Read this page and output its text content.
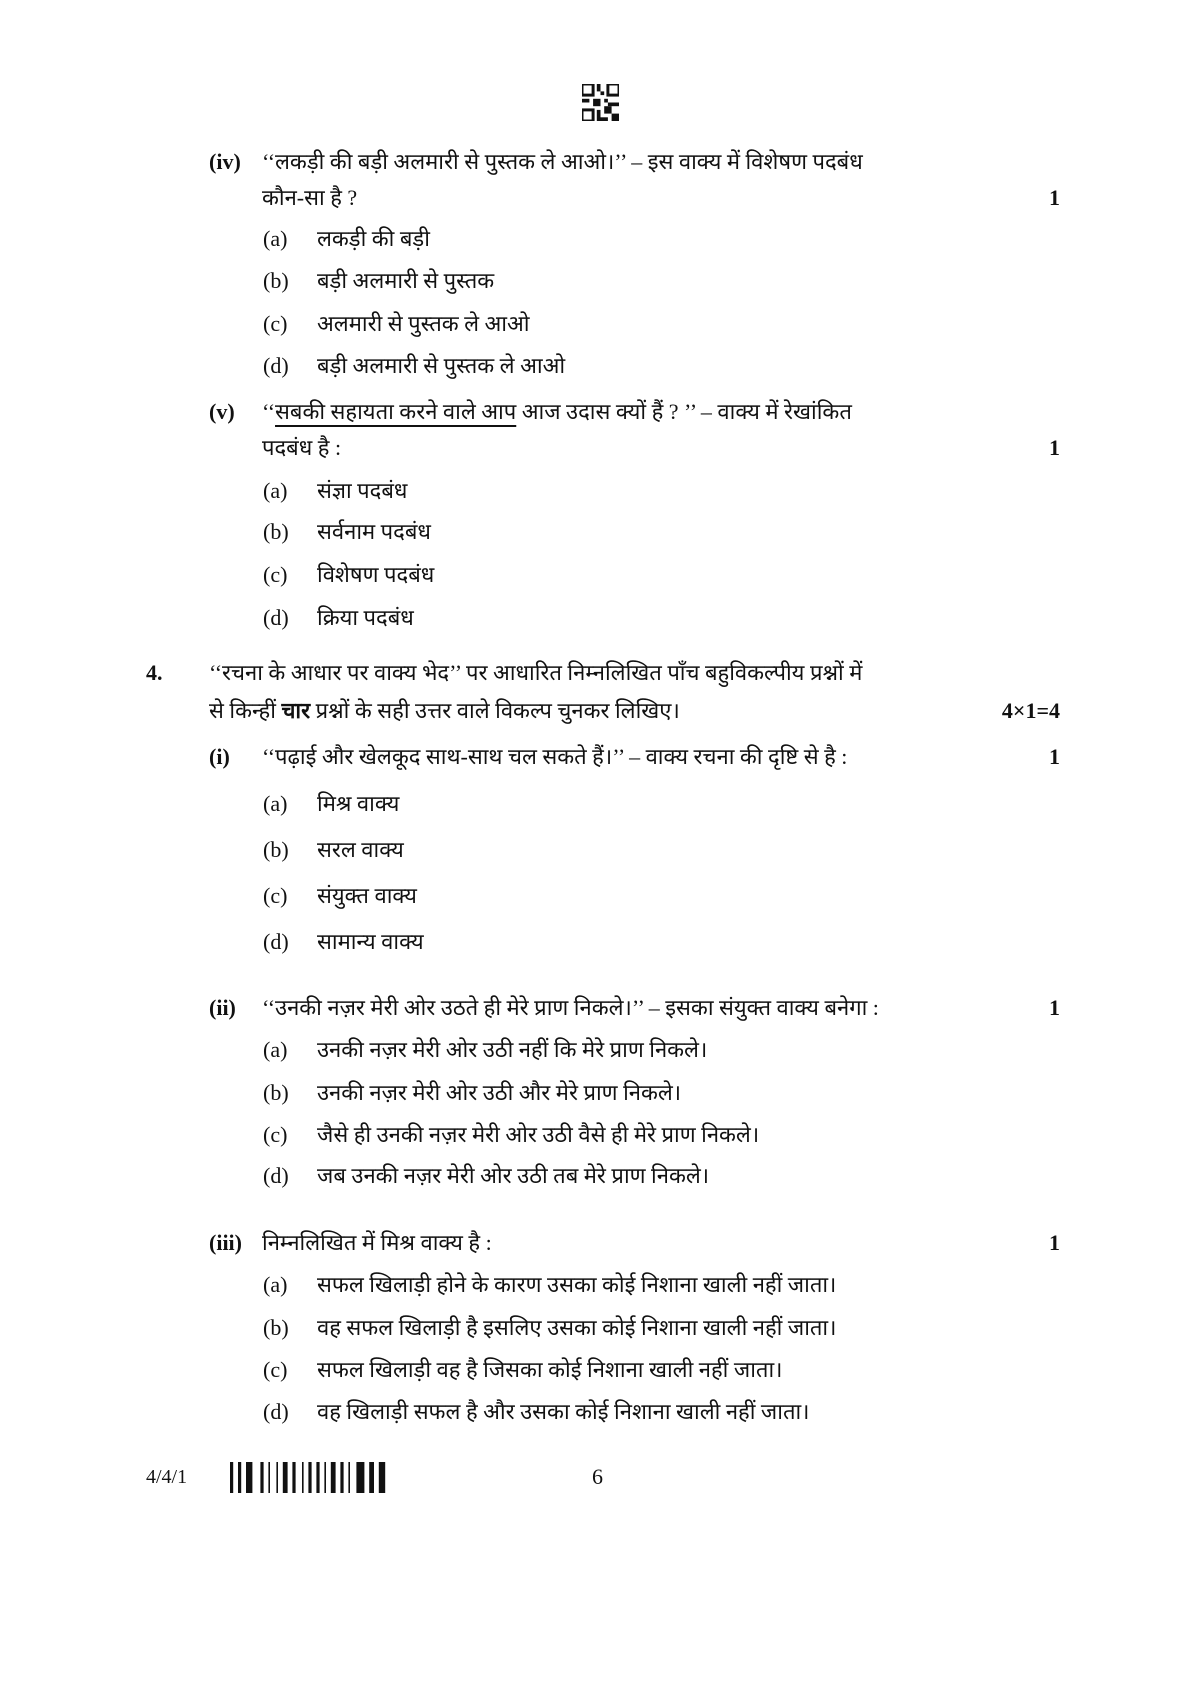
(iv) ‘‘लकड़ी की बड़ी अलमारी से पुस्तक ले आओ।’’ – इस वाक्य में विशेषण पदबंध
कौन-सा है ?	1
(a) लकड़ी की बड़ी
(b) बड़ी अलमारी से पुस्तक
(c) अलमारी से पुस्तक ले आओ
(d) बड़ी अलमारी से पुस्तक ले आओ
(v) ‘‘सबकी सहायता करने वाले आप आज उदास क्यों हैं ? ’’ – वाक्य में रेखांकित
पदबंध है :	1
(a) संज्ञा पदबंध
(b) सर्वनाम पदबंध
(c) विशेषण पदबंध
(d) क्रिया पदबंध
4. ‘‘रचना के आधार पर वाक्य भेद’’ पर आधारित निम्नलिखित पाँच बहुविकल्पीय प्रश्नों में
से किन्हीं चार प्रश्नों के सही उत्तर वाले विकल्प चुनकर लिखिए।	4×1=4
(i) ‘‘पढ़ाई और खेलकूद साथ-साथ चल सकते हैं।’’ – वाक्य रचना की दृष्टि से है :	1
(a) मिश्र वाक्य
(b) सरल वाक्य
(c) संयुक्त वाक्य
(d) सामान्य वाक्य
(ii) ‘‘उनकी नज़र मेरी ओर उठते ही मेरे प्राण निकले।’’ – इसका संयुक्त वाक्य बनेगा :	1
(a) उनकी नज़र मेरी ओर उठी नहीं कि मेरे प्राण निकले।
(b) उनकी नज़र मेरी ओर उठी और मेरे प्राण निकले।
(c) जैसे ही उनकी नज़र मेरी ओर उठी वैसे ही मेरे प्राण निकले।
(d) जब उनकी नज़र मेरी ओर उठी तब मेरे प्राण निकले।
(iii) निम्नलिखित में मिश्र वाक्य है :	1
(a) सफल खिलाड़ी होने के कारण उसका कोई निशाना खाली नहीं जाता।
(b) वह सफल खिलाड़ी है इसलिए उसका कोई निशाना खाली नहीं जाता।
(c) सफल खिलाड़ी वह है जिसका कोई निशाना खाली नहीं जाता।
(d) वह खिलाड़ी सफल है और उसका कोई निशाना खाली नहीं जाता।
4/4/1	6
